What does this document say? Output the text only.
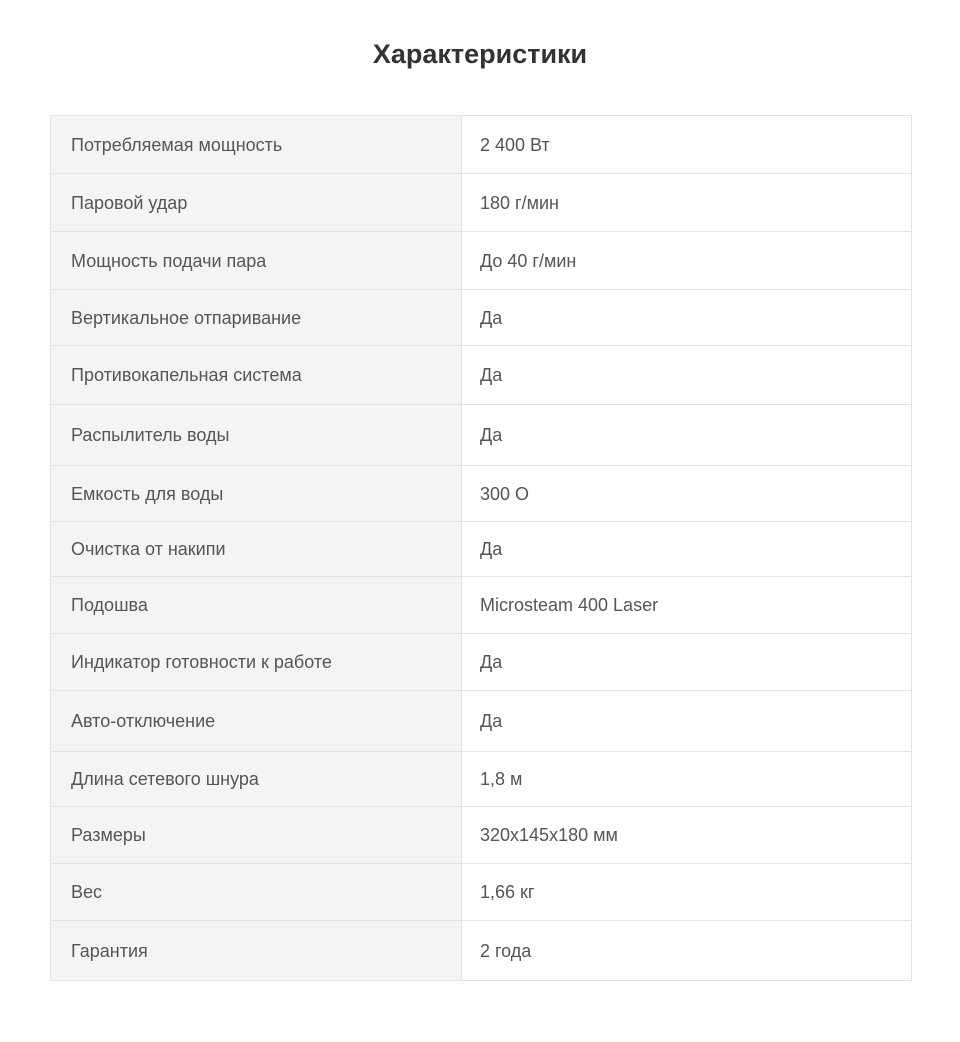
Характеристики
Потребляемая мощность	2 400 Вт
Паровой удар	180 г/мин
Мощность подачи пара	До 40 г/мин
Вертикальное отпаривание	Да
Противокапельная система	Да
Распылитель воды	Да
Емкость для воды	300 О
Очистка от накипи	Да
Подошва	Microsteam 400 Laser
Индикатор готовности к работе	Да
Авто-отключение	Да
Длина сетевого шнура	1,8 м
Размеры	320х145х180 мм
Вес	1,66 кг
Гарантия	2 года
